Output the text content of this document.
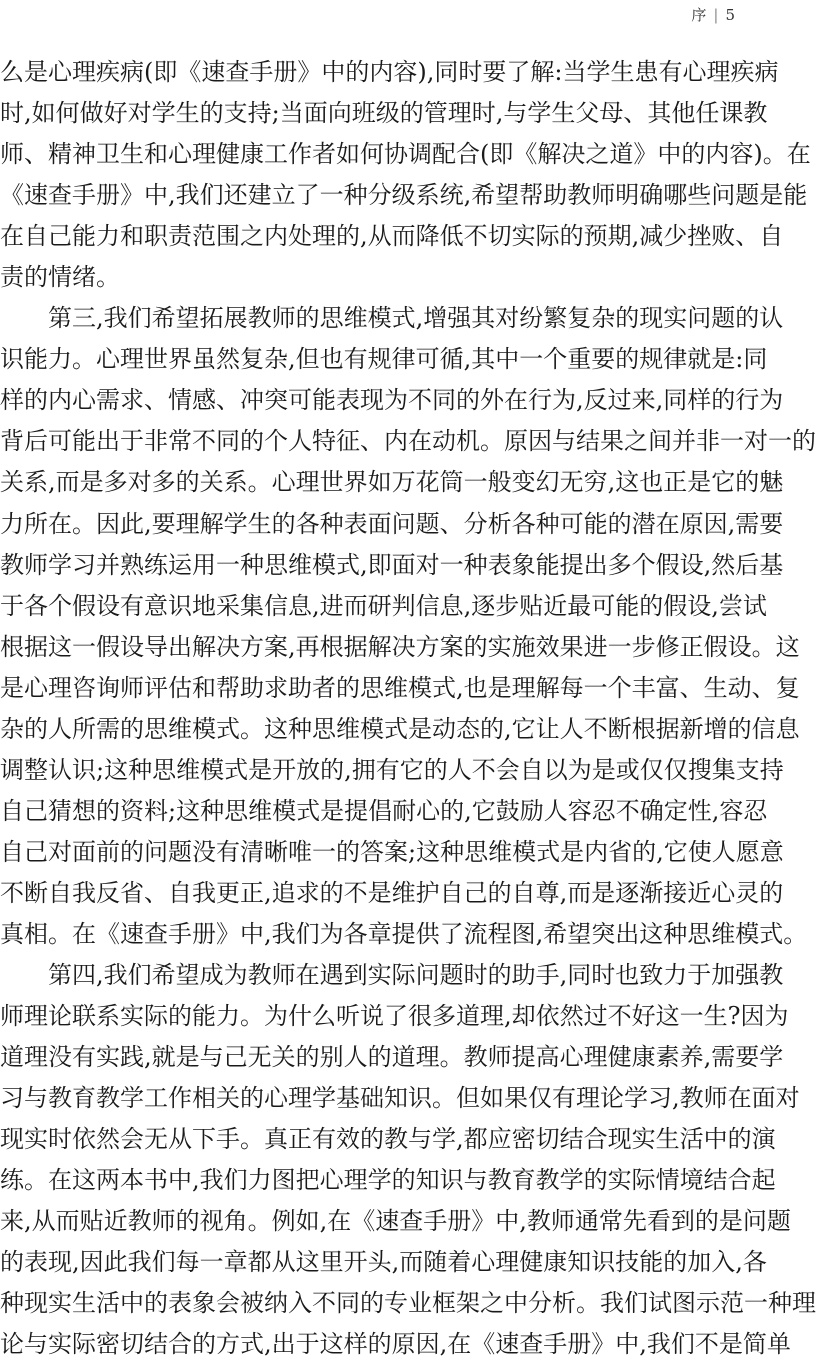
序 | 5
么是心理疾病(即《速查手册》中的内容),同时要了解:当学生患有心理疾病
时,如何做好对学生的支持;当面向班级的管理时,与学生父母、其他任课教
师、精神卫生和心理健康工作者如何协调配合(即《解决之道》中的内容)。在
《速查手册》中,我们还建立了一种分级系统,希望帮助教师明确哪些问题是能
在自己能力和职责范围之内处理的,从而降低不切实际的预期,减少挫败、自
责的情绪。
第三,我们希望拓展教师的思维模式,增强其对纷繁复杂的现实问题的认
识能力。心理世界虽然复杂,但也有规律可循,其中一个重要的规律就是:同
样的内心需求、情感、冲突可能表现为不同的外在行为,反过来,同样的行为
背后可能出于非常不同的个人特征、内在动机。原因与结果之间并非一对一的
关系,而是多对多的关系。心理世界如万花筒一般变幻无穷,这也正是它的魅
力所在。因此,要理解学生的各种表面问题、分析各种可能的潜在原因,需要
教师学习并熟练运用一种思维模式,即面对一种表象能提出多个假设,然后基
于各个假设有意识地采集信息,进而研判信息,逐步贴近最可能的假设,尝试
根据这一假设导出解决方案,再根据解决方案的实施效果进一步修正假设。这
是心理咨询师评估和帮助求助者的思维模式,也是理解每一个丰富、生动、复
杂的人所需的思维模式。这种思维模式是动态的,它让人不断根据新增的信息
调整认识;这种思维模式是开放的,拥有它的人不会自以为是或仅仅搜集支持
自己猜想的资料;这种思维模式是提倡耐心的,它鼓励人容忍不确定性,容忍
自己对面前的问题没有清晰唯一的答案;这种思维模式是内省的,它使人愿意
不断自我反省、自我更正,追求的不是维护自己的自尊,而是逐渐接近心灵的
真相。在《速查手册》中,我们为各章提供了流程图,希望突出这种思维模式。
第四,我们希望成为教师在遇到实际问题时的助手,同时也致力于加强教
师理论联系实际的能力。为什么听说了很多道理,却依然过不好这一生?因为
道理没有实践,就是与己无关的别人的道理。教师提高心理健康素养,需要学
习与教育教学工作相关的心理学基础知识。但如果仅有理论学习,教师在面对
现实时依然会无从下手。真正有效的教与学,都应密切结合现实生活中的演
练。在这两本书中,我们力图把心理学的知识与教育教学的实际情境结合起
来,从而贴近教师的视角。例如,在《速查手册》中,教师通常先看到的是问题
的表现,因此我们每一章都从这里开头,而随着心理健康知识技能的加入,各
种现实生活中的表象会被纳入不同的专业框架之中分析。我们试图示范一种理
论与实际密切结合的方式,出于这样的原因,在《速查手册》中,我们不是简单
